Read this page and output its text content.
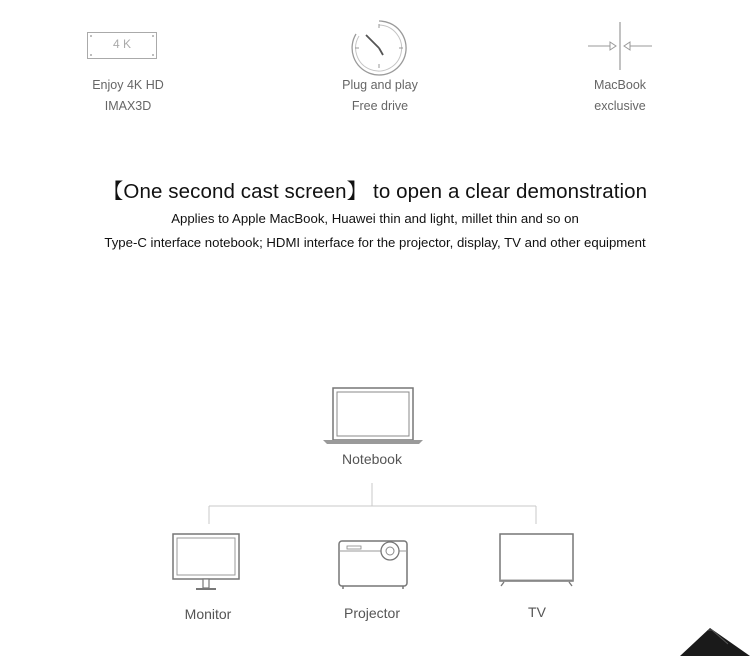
4 K
Enjoy 4K HD
IMAX3D
Plug and play
Free drive
MacBook
exclusive
【One second cast screen】 to open a clear demonstration
Applies to Apple MacBook, Huawei thin and light, millet thin and so on
Type-C interface notebook; HDMI interface for the projector, display, TV and other equipment
Notebook
Monitor	Projector	TV
